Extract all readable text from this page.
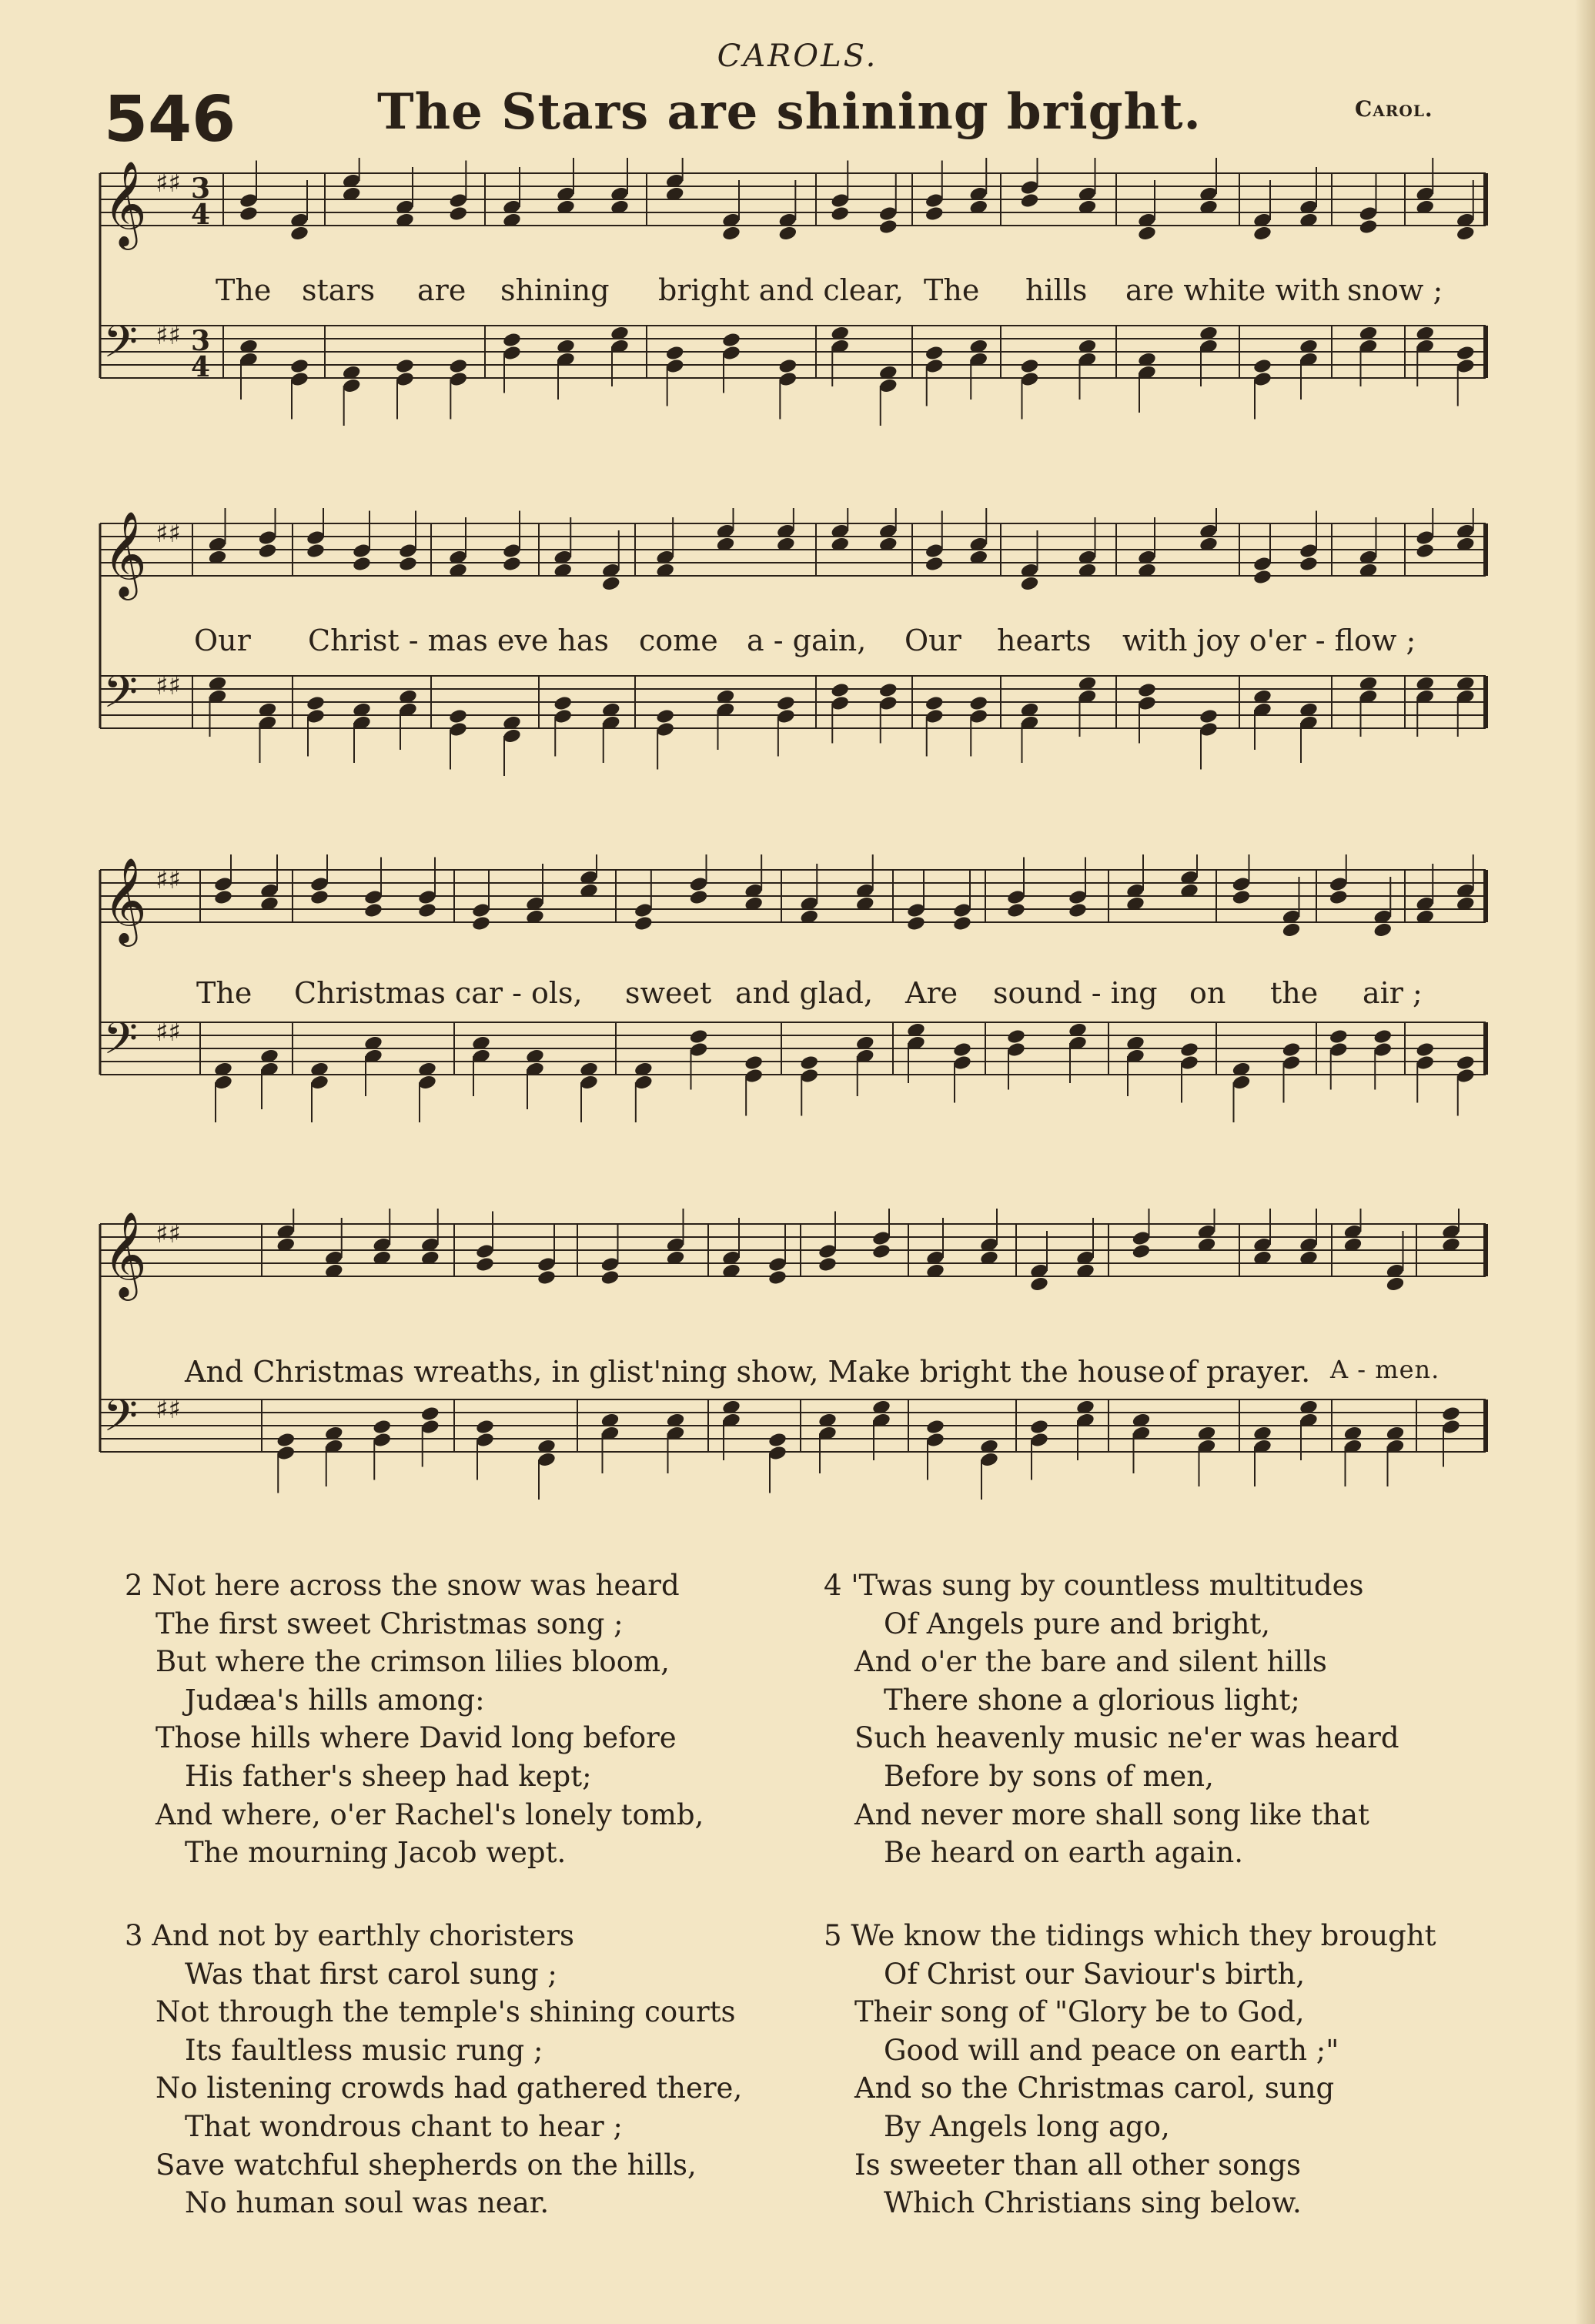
CAROLS.
546	The Stars are shining bright.	Carol.
𝄞 ♯♯
𝄢 ♯♯
3
4
3
4
The stars are shining bright and clear, The hills are white with snow ;
𝄞 ♯♯
𝄢 ♯♯
Our Christ - mas eve has come a - gain, Our hearts with joy o'er - flow ;
𝄞 ♯♯
𝄢 ♯♯
The Christmas car - ols, sweet and glad, Are sound - ing on the air ;
𝄞 ♯♯
𝄢 ♯♯
And Christmas wreaths, in glist'ning show, Make bright the house of prayer. A - men.
2 Not here across the snow was heard
The first sweet Christmas song ;
But where the crimson lilies bloom,
Judæa's hills among:
Those hills where David long before
His father's sheep had kept;
And where, o'er Rachel's lonely tomb,
The mourning Jacob wept.
3 And not by earthly choristers
Was that first carol sung ;
Not through the temple's shining courts
Its faultless music rung ;
No listening crowds had gathered there,
That wondrous chant to hear ;
Save watchful shepherds on the hills,
No human soul was near.
4 'Twas sung by countless multitudes
Of Angels pure and bright,
And o'er the bare and silent hills
There shone a glorious light;
Such heavenly music ne'er was heard
Before by sons of men,
And never more shall song like that
Be heard on earth again.
5 We know the tidings which they brought
Of Christ our Saviour's birth,
Their song of "Glory be to God,
Good will and peace on earth ;"
And so the Christmas carol, sung
By Angels long ago,
Is sweeter than all other songs
Which Christians sing below.
